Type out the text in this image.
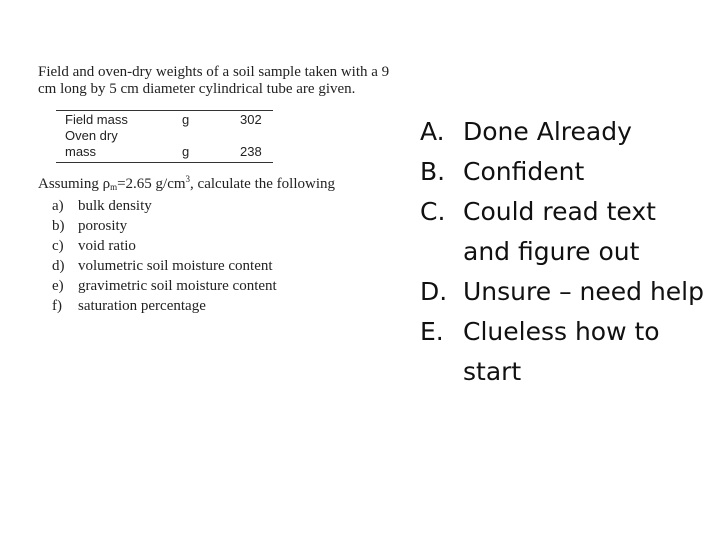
Field and oven-dry weights of a soil sample taken with a 9 cm long by 5 cm diameter cylindrical tube are given.

Field mass	g	302
Oven dry
mass	g	238
Assuming $\rho_m=2.65$ $g/cm^3$, calculate the following
a) bulk density
b) porosity
c) void ratio
d) volumetric soil moisture content
e) gravimetric soil moisture content
f) saturation percentage
A. Done Already
B. Confident
C. Could read text and figure out
D. Unsure – need help
E. Clueless how to start
